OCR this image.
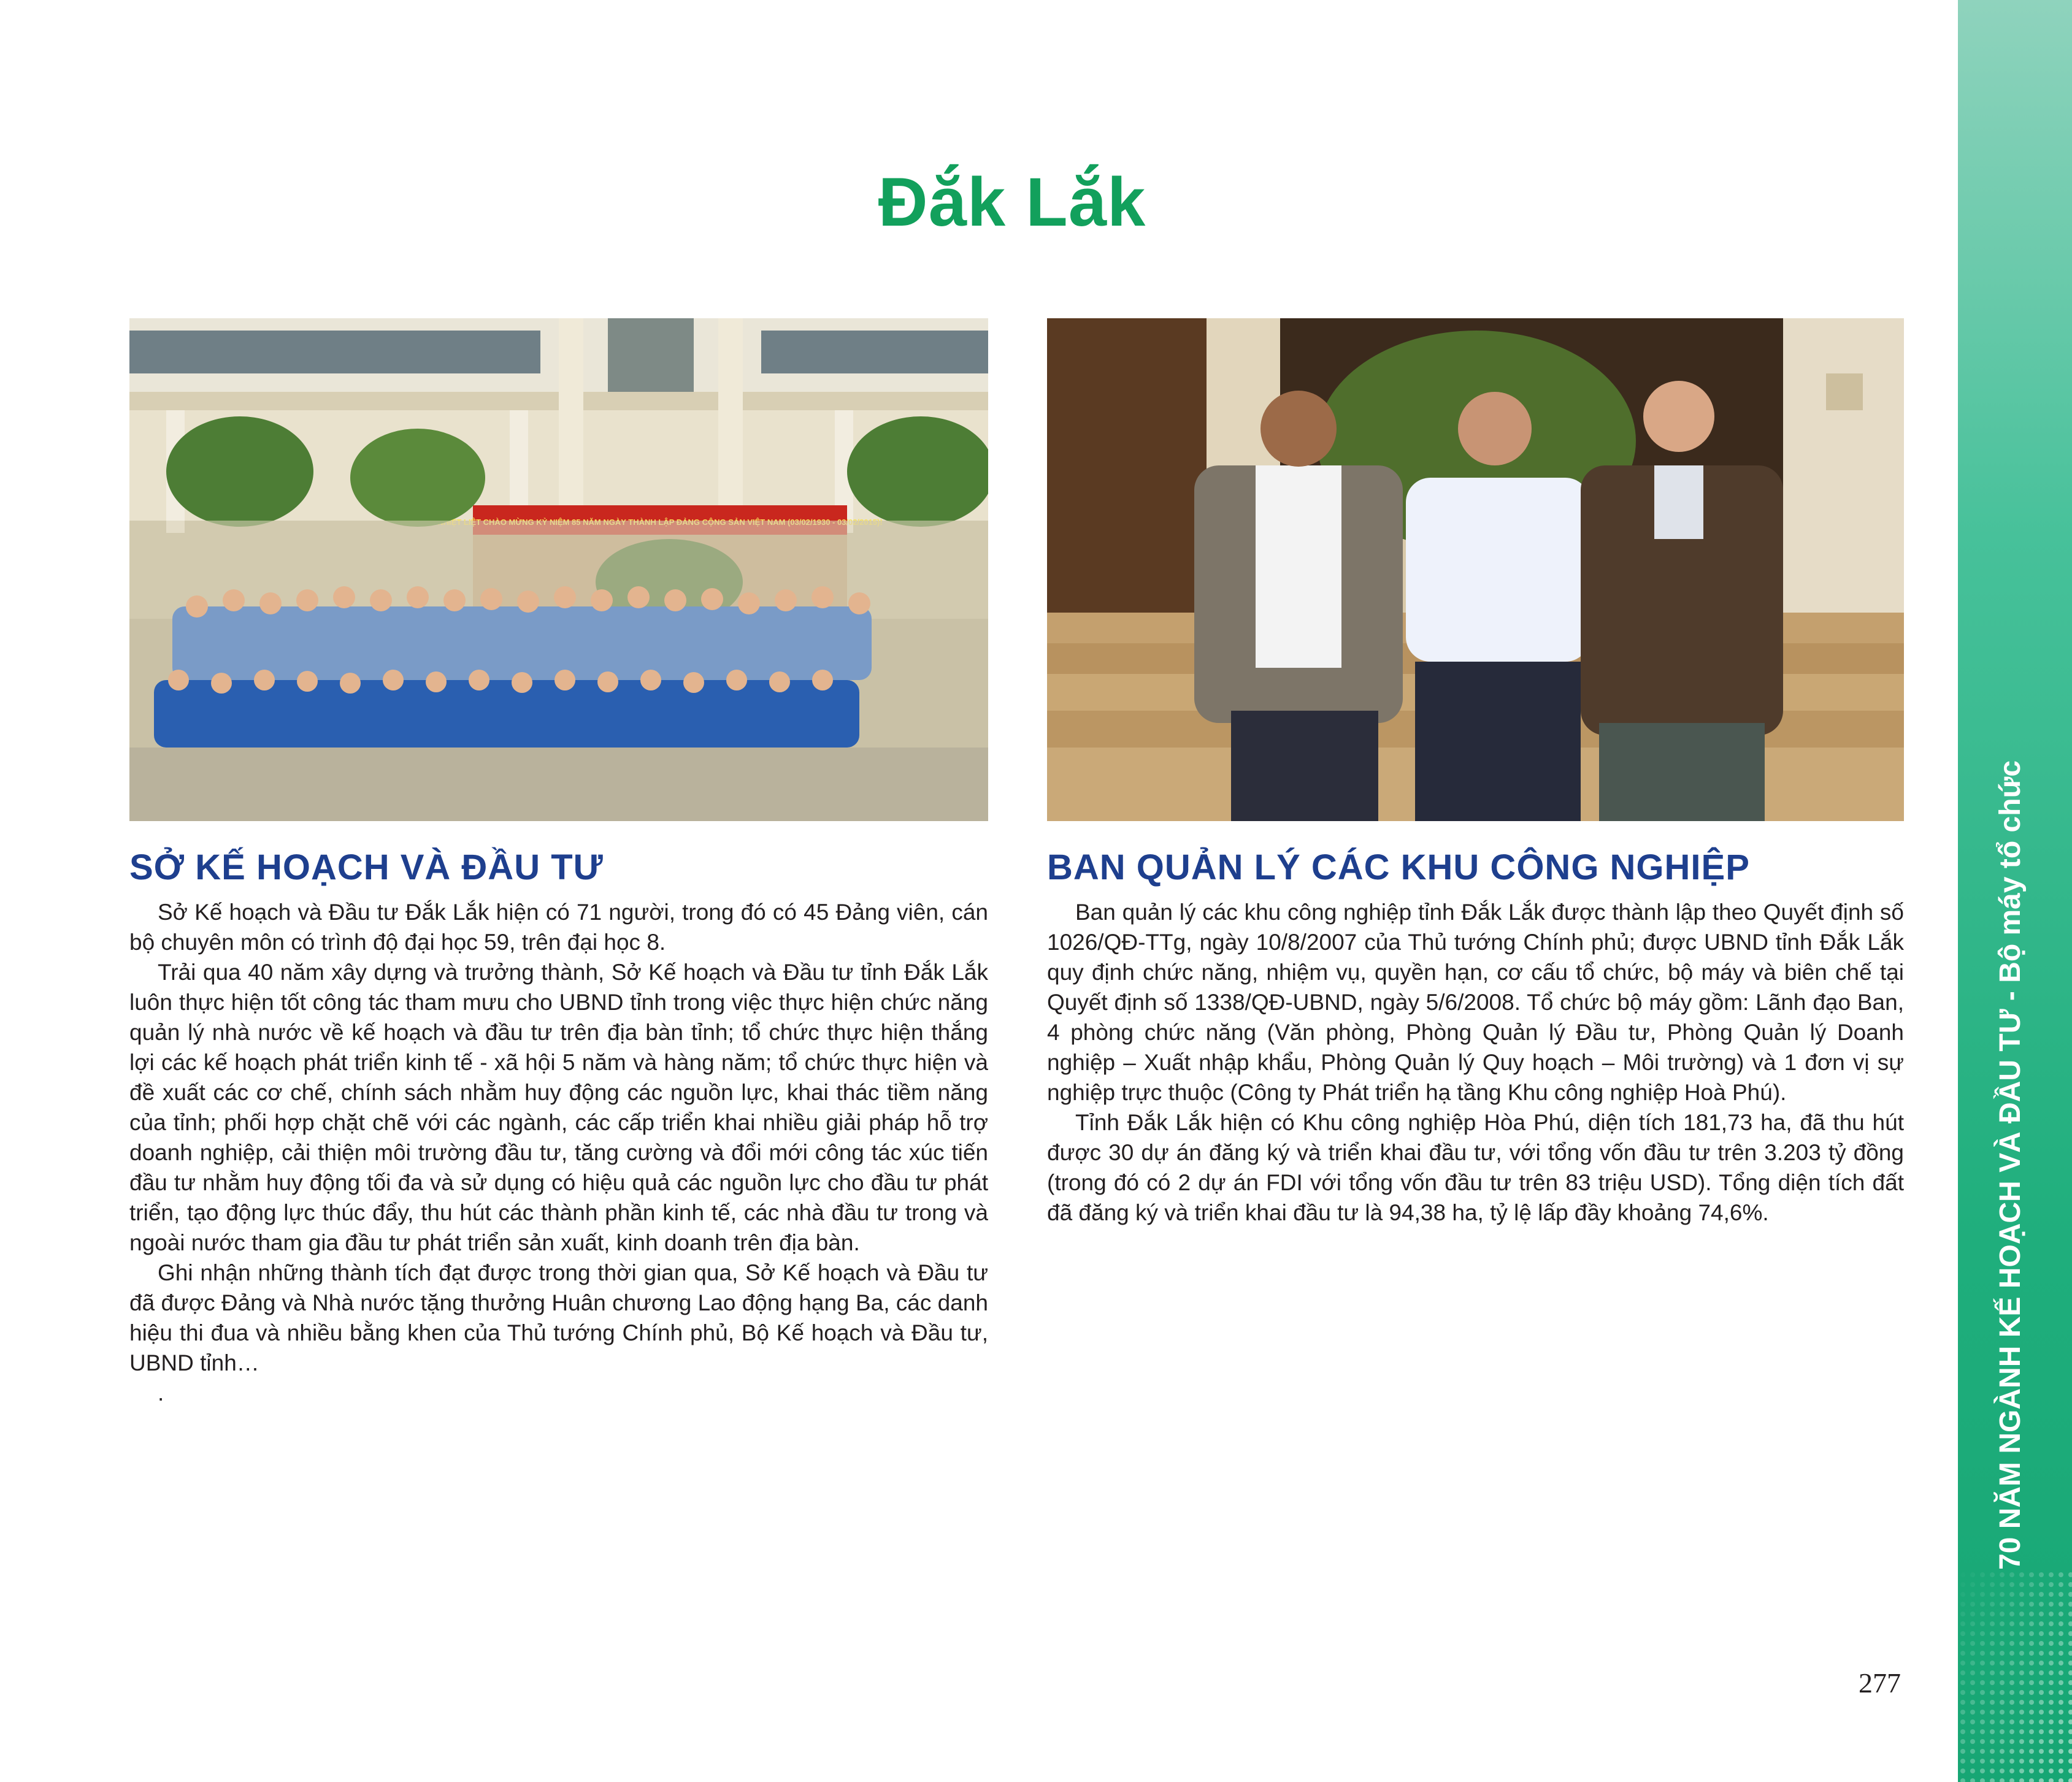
Đắk Lắk
SỞ KẾ HOẠCH VÀ ĐẦU TƯ

Sở Kế hoạch và Đầu tư Đắk Lắk hiện có 71 người, trong đó có 45 Đảng viên, cán bộ chuyên môn có trình độ đại học 59, trên đại học 8.

Trải qua 40 năm xây dựng và trưởng thành, Sở Kế hoạch và Đầu tư tỉnh Đắk Lắk luôn thực hiện tốt công tác tham mưu cho UBND tỉnh trong việc thực hiện chức năng quản lý nhà nước về kế hoạch và đầu tư trên địa bàn tỉnh; tổ chức thực hiện thắng lợi các kế hoạch phát triển kinh tế - xã hội 5 năm và hàng năm; tổ chức thực hiện và đề xuất các cơ chế, chính sách nhằm huy động các nguồn lực, khai thác tiềm năng của tỉnh; phối hợp chặt chẽ với các ngành, các cấp triển khai nhiều giải pháp hỗ trợ doanh nghiệp, cải thiện môi trường đầu tư, tăng cường và đổi mới công tác xúc tiến đầu tư nhằm huy động tối đa và sử dụng có hiệu quả các nguồn lực cho đầu tư phát triển, tạo động lực thúc đẩy, thu hút các thành phần kinh tế, các nhà đầu tư trong và ngoài nước tham gia đầu tư phát triển sản xuất, kinh doanh trên địa bàn.

Ghi nhận những thành tích đạt được trong thời gian qua, Sở Kế hoạch và Đầu tư đã được Đảng và Nhà nước tặng thưởng Huân chương Lao động hạng Ba, các danh hiệu thi đua và nhiều bằng khen của Thủ tướng Chính phủ, Bộ Kế hoạch và Đầu tư, UBND tỉnh…

.
BAN QUẢN LÝ CÁC KHU CÔNG NGHIỆP

Ban quản lý các khu công nghiệp tỉnh Đắk Lắk được thành lập theo Quyết định số 1026/QĐ-TTg, ngày 10/8/2007 của Thủ tướng Chính phủ; được UBND tỉnh Đắk Lắk quy định chức năng, nhiệm vụ, quyền hạn, cơ cấu tổ chức, bộ máy và biên chế tại Quyết định số 1338/QĐ-UBND, ngày 5/6/2008. Tổ chức bộ máy gồm: Lãnh đạo Ban, 4 phòng chức năng (Văn phòng, Phòng Quản lý Đầu tư, Phòng Quản lý Doanh nghiệp – Xuất nhập khẩu, Phòng Quản lý Quy hoạch – Môi trường) và 1 đơn vị sự nghiệp trực thuộc (Công ty Phát triển hạ tầng Khu công nghiệp Hoà Phú).

Tỉnh Đắk Lắk hiện có Khu công nghiệp Hòa Phú, diện tích 181,73 ha, đã thu hút được 30 dự án đăng ký và triển khai đầu tư, với tổng vốn đầu tư trên 3.203 tỷ đồng (trong đó có 2 dự án FDI với tổng vốn đầu tư trên 83 triệu USD). Tổng diện tích đất đã đăng ký và triển khai đầu tư là 94,38 ha, tỷ lệ lấp đầy khoảng 74,6%.	70 NĂM NGÀNH KẾ HOẠCH VÀ ĐẦU TƯ - Bộ máy tổ chức
277
